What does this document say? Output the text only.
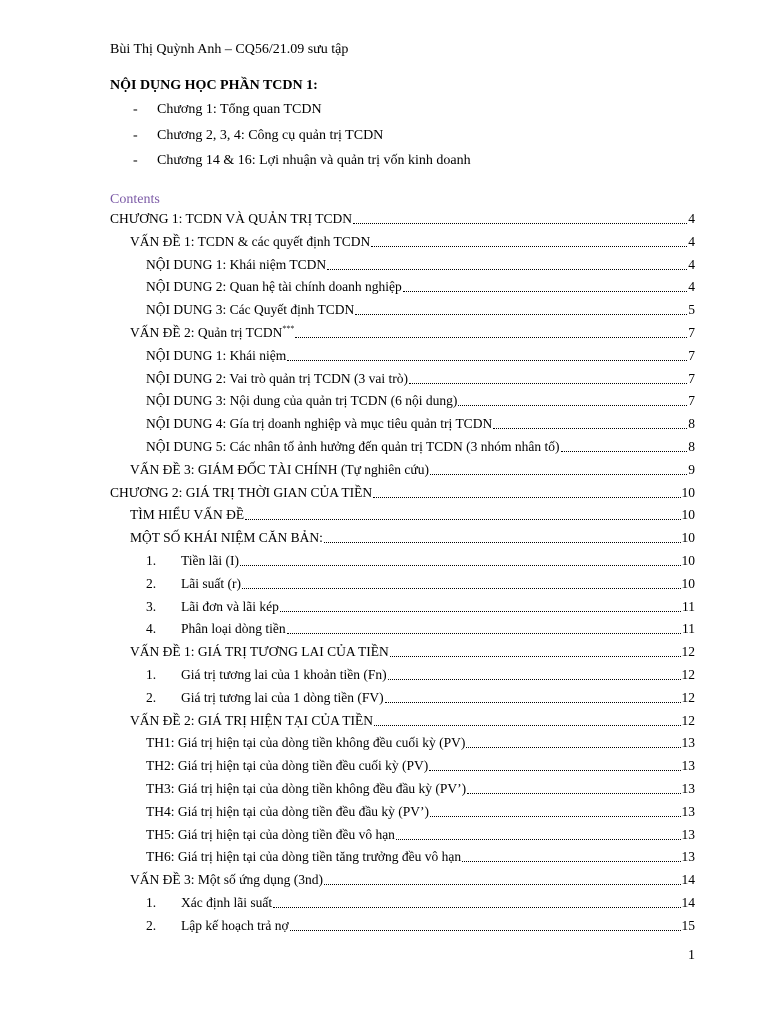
Bùi Thị Quỳnh Anh – CQ56/21.09 sưu tập
NỘI DỤNG HỌC PHẦN TCDN 1:
- Chương 1: Tổng quan TCDN
- Chương 2, 3, 4: Công cụ quản trị TCDN
- Chương 14 & 16: Lợi nhuận và quản trị vốn kinh doanh
Contents
CHƯƠNG 1: TCDN VÀ QUẢN TRỊ TCDN	4
VẤN ĐỀ 1: TCDN & các quyết định TCDN	4
NỘI DUNG 1: Khái niệm TCDN	4
NỘI DUNG 2: Quan hệ tài chính doanh nghiệp	4
NỘI DUNG 3: Các Quyết định TCDN	5
VẤN ĐỀ 2: Quản trị TCDN***	7
NỘI DUNG 1: Khái niệm	7
NỘI DUNG 2: Vai trò quản trị TCDN (3 vai trò)	7
NỘI DUNG 3: Nội dung của quản trị TCDN (6 nội dung)	7
NỘI DUNG 4: Gía trị doanh nghiệp và mục tiêu quản trị TCDN	8
NỘI DUNG 5: Các nhân tố ảnh hưởng đến quản trị TCDN (3 nhóm nhân tố)	8
VẤN ĐỀ 3: GIÁM ĐỐC TÀI CHÍNH (Tự nghiên cứu)	9
CHƯƠNG 2: GIÁ TRỊ THỜI GIAN CỦA TIỀN	10
TÌM HIỂU VẤN ĐỀ	10
MỘT SỐ KHÁI NIỆM CĂN BẢN:	10
1.	Tiền lãi (I)	10
2.	Lãi suất (r)	10
3.	Lãi đơn và lãi kép	11
4.	Phân loại dòng tiền	11
VẤN ĐỀ 1: GIÁ TRỊ TƯƠNG LAI CỦA TIỀN	12
1.	Giá trị tương lai của 1 khoản tiền (Fn)	12
2.	Giá trị tương lai của 1 dòng tiền (FV)	12
VẤN ĐỀ 2: GIÁ TRỊ HIỆN TẠI CỦA TIỀN	12
TH1: Giá trị hiện tại của dòng tiền không đều cuối kỳ (PV)	13
TH2: Giá trị hiện tại của dòng tiền đều cuối kỳ (PV)	13
TH3: Giá trị hiện tại của dòng tiền không đều đầu kỳ (PV’)	13
TH4: Giá trị hiện tại của dòng tiền đều đầu kỳ (PV’)	13
TH5: Giá trị hiện tại của dòng tiền đều vô hạn	13
TH6: Giá trị hiện tại của dòng tiền tăng trưởng đều vô hạn	13
VẤN ĐỀ 3: Một số ứng dụng (3nd)	14
1.	Xác định lãi suất	14
2.	Lập kế hoạch trả nợ	15
1
